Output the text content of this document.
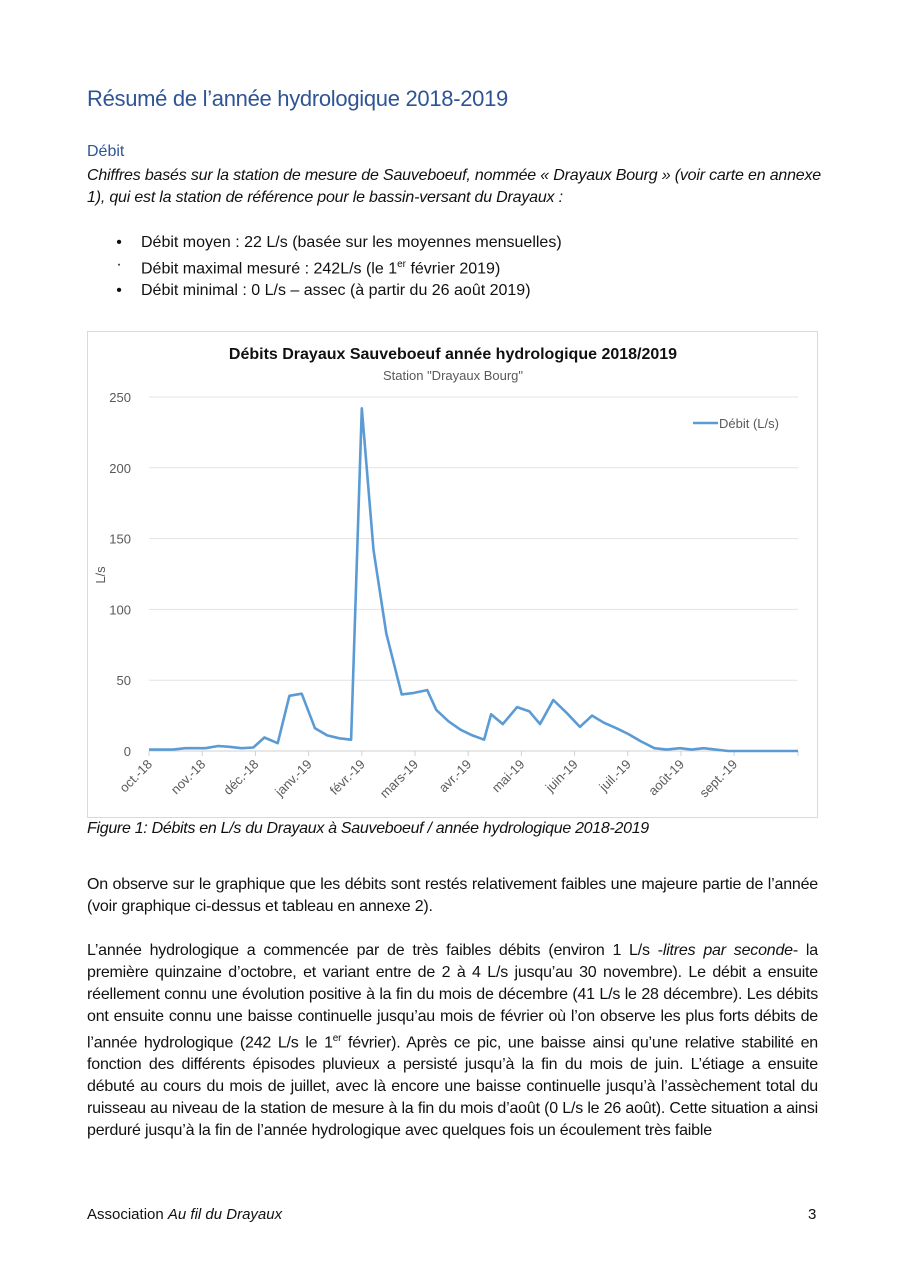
Résumé de l’année hydrologique 2018-2019
Débit
Chiffres basés sur la station de mesure de Sauveboeuf, nommée « Drayaux Bourg » (voir carte en annexe 1), qui est la station de référence pour le bassin-versant du Drayaux :
• Débit moyen : 22 L/s (basée sur les moyennes mensuelles)
· Débit maximal mesuré : 242L/s (le 1er février 2019)
• Débit minimal : 0 L/s – assec (à partir du 26 août 2019)
Débits Drayaux Sauveboeuf année hydrologique 2018/2019
Station "Drayaux Bourg"
L/s
0
50
100
150
200
250
oct.-18 nov.-18 déc.-18 janv.-19 févr.-19 mars-19 avr.-19 mai-19 juin-19 juil.-19 août-19 sept.-19
Débit (L/s)
Figure 1: Débits en L/s du Drayaux à Sauveboeuf / année hydrologique 2018-2019

On observe sur le graphique que les débits sont restés relativement faibles une majeure partie de l’année (voir graphique ci-dessus et tableau en annexe 2).

L’année hydrologique a commencée par de très faibles débits (environ 1 L/s -litres par seconde- la première quinzaine d’octobre, et variant entre de 2 à 4 L/s jusqu’au 30 novembre). Le débit a ensuite réellement connu une évolution positive à la fin du mois de décembre (41 L/s le 28 décembre). Les débits ont ensuite connu une baisse continuelle jusqu’au mois de février où l’on observe les plus forts débits de l’année hydrologique (242 L/s le 1er février). Après ce pic, une baisse ainsi qu’une relative stabilité en fonction des différents épisodes pluvieux a persisté jusqu’à la fin du mois de juin. L’étiage a ensuite débuté au cours du mois de juillet, avec là encore une baisse continuelle jusqu’à l’assèchement total du ruisseau au niveau de la station de mesure à la fin du mois d’août (0 L/s le 26 août). Cette situation a ainsi perduré jusqu’à la fin de l’année hydrologique avec quelques fois un écoulement très faible

Association Au fil du Drayaux	3
